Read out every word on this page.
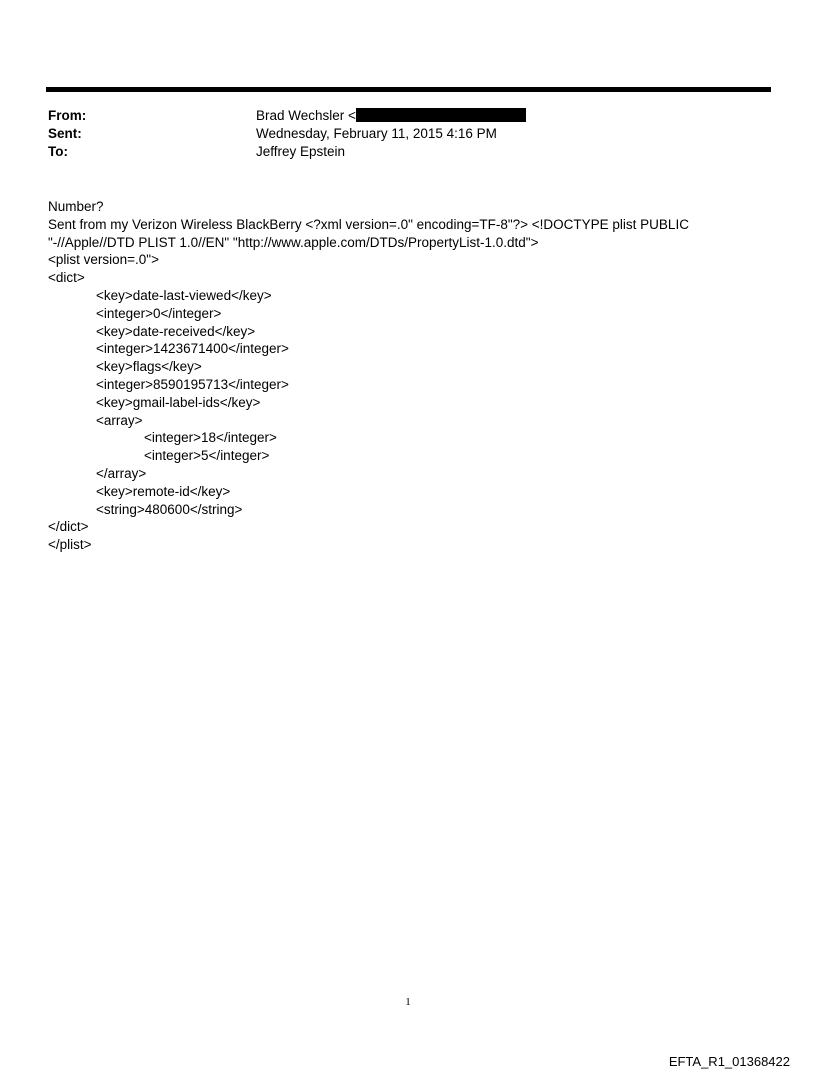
From:	Brad Wechsler <
Sent:	Wednesday, February 11, 2015 4:16 PM
To:	Jeffrey Epstein
Number?
Sent from my Verizon Wireless BlackBerry <?xml version=.0" encoding=TF-8"?> <!DOCTYPE plist PUBLIC "-//Apple//DTD PLIST 1.0//EN" "http://www.apple.com/DTDs/PropertyList-1.0.dtd">
<plist version=.0">
<dict>
<key>date-last-viewed</key>
<integer>0</integer>
<key>date-received</key>
<integer>1423671400</integer>
<key>flags</key>
<integer>8590195713</integer>
<key>gmail-label-ids</key>
<array>
<integer>18</integer>
<integer>5</integer>
</array>
<key>remote-id</key>
<string>480600</string>
</dict>
</plist>
1
EFTA_R1_01368422
